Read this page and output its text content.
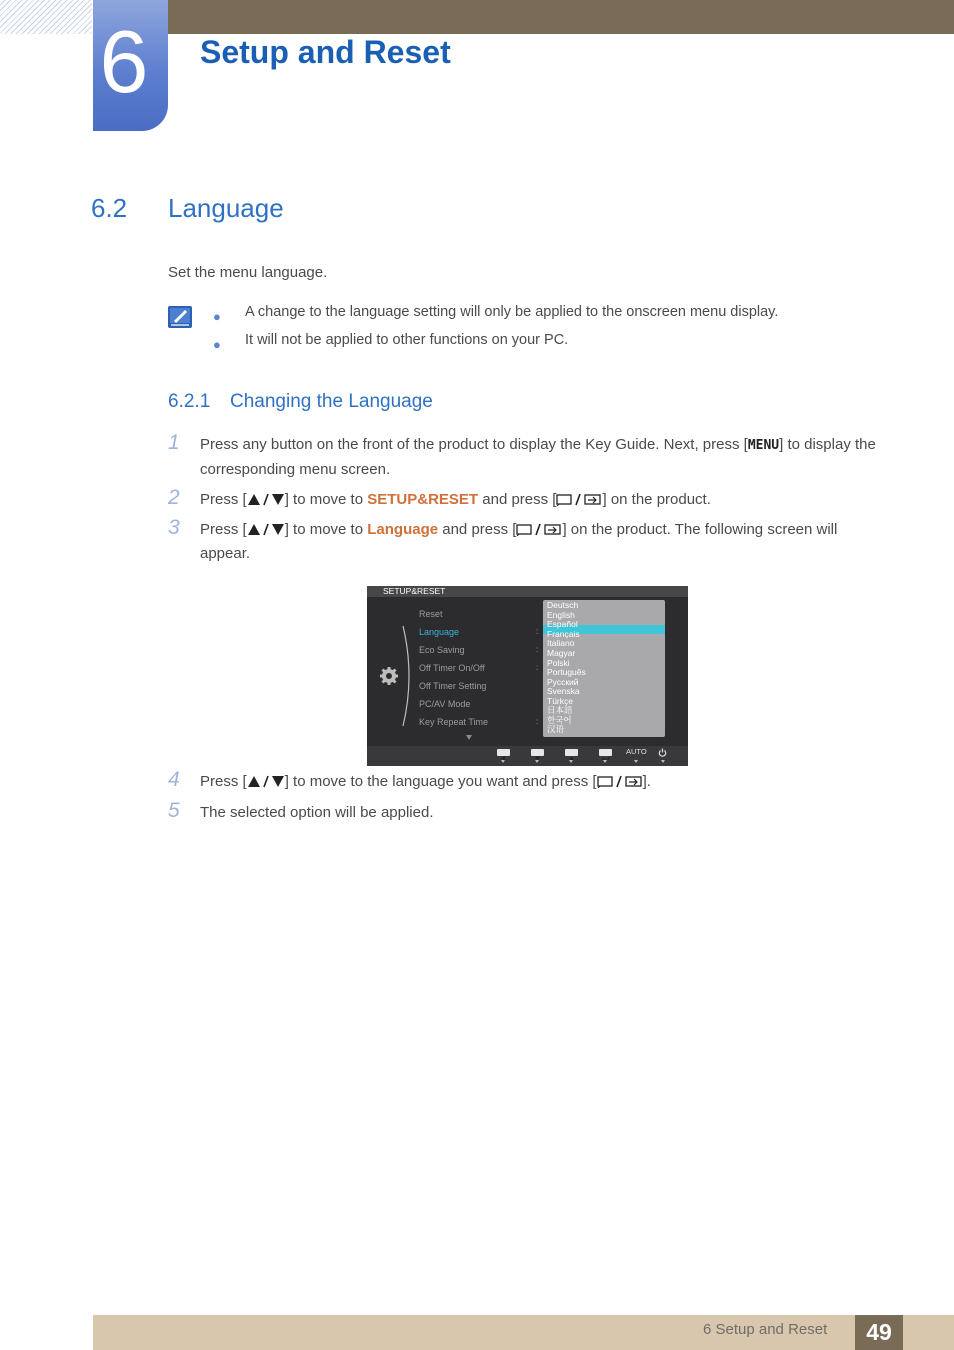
6 Setup and Reset
6.2 Language
Set the menu language.
● A change to the language setting will only be applied to the onscreen menu display.
● It will not be applied to other functions on your PC.
6.2.1 Changing the Language
1 Press any button on the front of the product to display the Key Guide. Next, press [MENU] to display the corresponding menu screen.
2 Press [	] to move to SETUP&RESET and press [	] on the product.
3 Press [	] to move to Language and press [	] on the product. The following screen will appear.
SETUP&RESET
Reset
Language
Eco Saving
Off Timer On/Off
Off Timer Setting
PC/AV Mode
Key Repeat Time
:
:
:
:
Deutsch
English
Español
Français
Italiano
Magyar
Polski
Português
Русский
Svenska
Türkçe
日本語
한국어
汉语
AUTO
4 Press [	] to move to the language you want and press [	].
5 The selected option will be applied.
6 Setup and Reset	49
